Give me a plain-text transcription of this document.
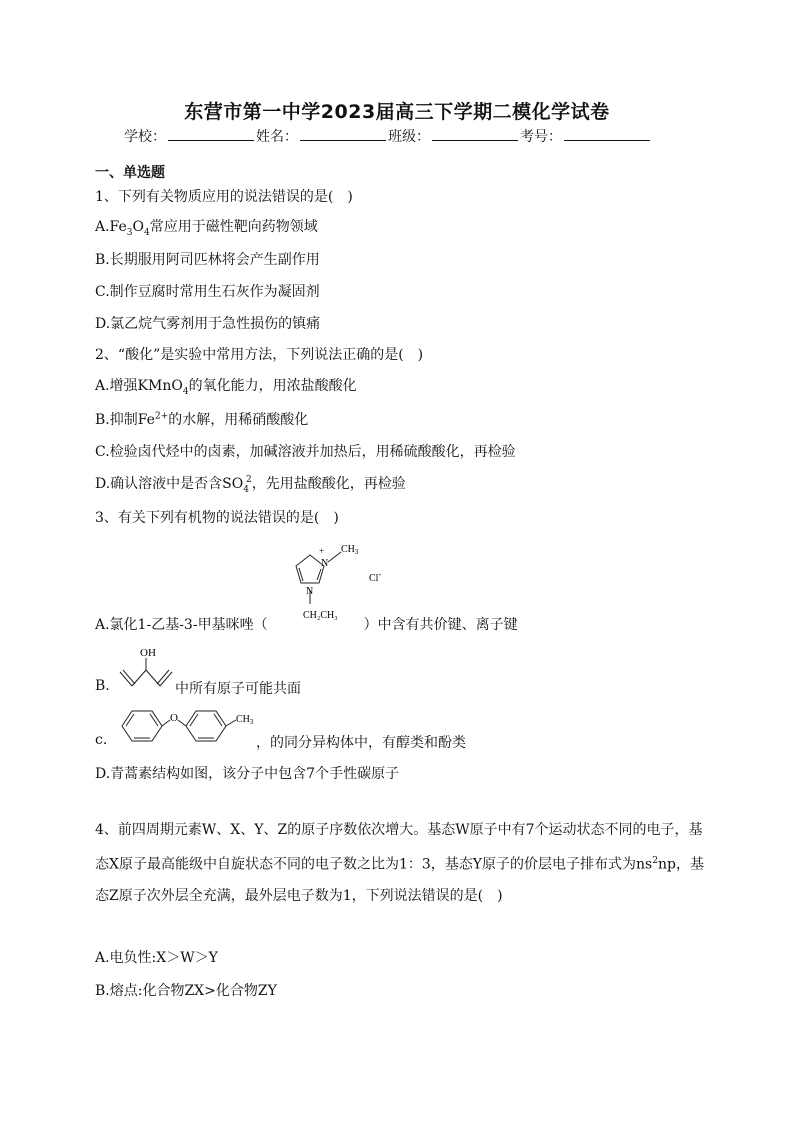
东营市第一中学2023届高三下学期二模化学试卷
学校：	姓名：	班级：	考号：
一、单选题
1、下列有关物质应用的说法错误的是(　)
$A.Fe_3O_4$常应用于磁性靶向药物领域
B.长期服用阿司匹林将会产生副作用
C.制作豆腐时常用生石灰作为凝固剂
D.氯乙烷气雾剂用于急性损伤的镇痛
2、“酸化”是实验中常用方法，下列说法正确的是(　)
A.增强KMnO$_4$的氧化能力，用浓盐酸酸化
B.抑制$Fe^{2+}$的水解，用稀硝酸酸化
C.检验卤代烃中的卤素，加碱溶液并加热后，用稀硫酸酸化，再检验
D.确认溶液中是否含$SO_4^2$，先用盐酸酸化，再检验
3、有关下列有机物的说法错误的是(　)
N
+ $CH_3$
N
Cl-
CH₂CH₃
A.氯化1-乙基-3-甲基咪唑（	）中含有共价键、离子键
B.
OH
中所有原子可能共面
c.
O	$CH_3$
，的同分异构体中，有醇类和酚类
D.青蒿素结构如图，该分子中包含7个手性碳原子
4、前四周期元素W、X、Y、Z的原子序数依次增大。基态W原子中有7个运动状态不同的电子，基态X原子最高能级中自旋状态不同的电子数之比为1：3，基态Y原子的价层电子排布式为$ns^2np$，基态Z原子次外层全充满，最外层电子数为1，下列说法错误的是(　)
A.电负性:X＞W＞Y
B.熔点:化合物ZX>化合物ZY
